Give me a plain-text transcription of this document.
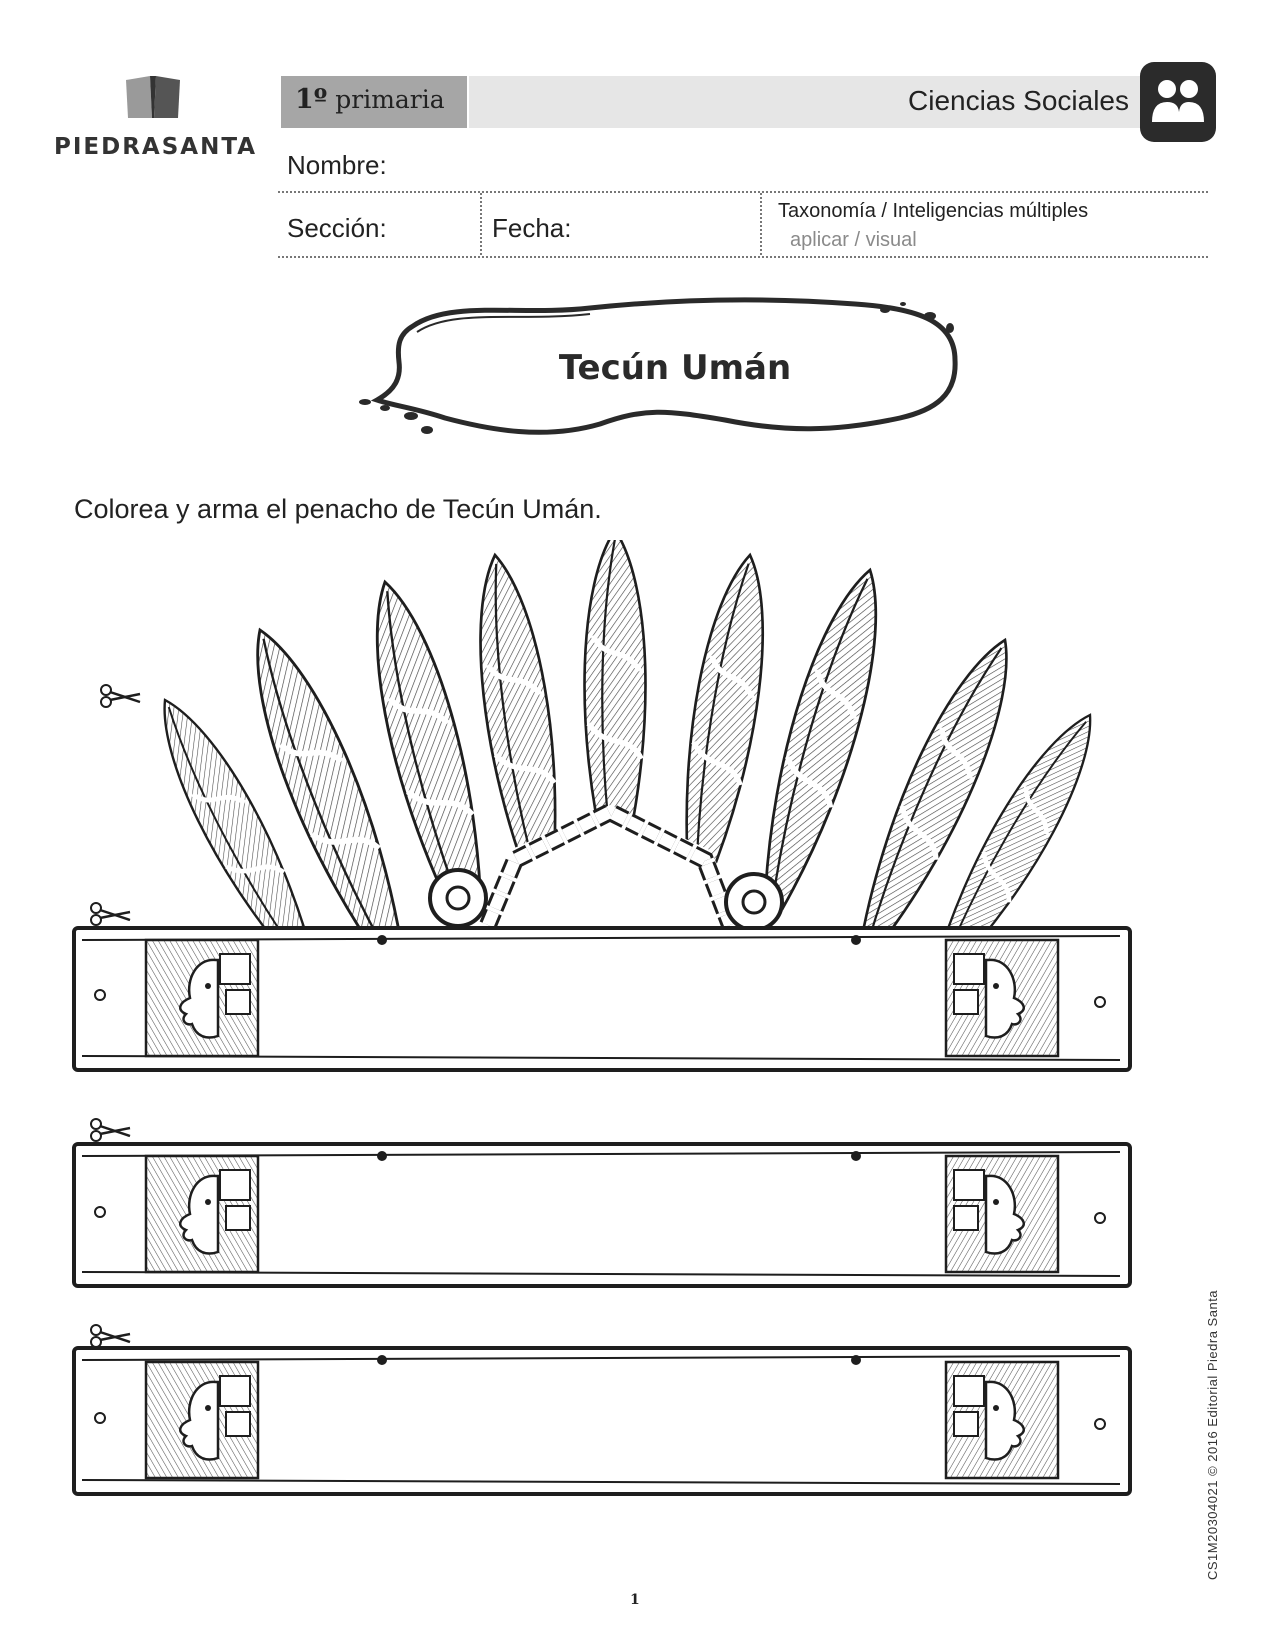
PIEDRASANTA
1º primaria	Ciencias Sociales
Nombre:
Sección:	Fecha:
Taxonomía / Inteligencias múltiples
aplicar / visual
Tecún Umán
Colorea y arma el penacho de Tecún Umán.
CS1M20304021 © 2016 Editorial Piedra Santa
1
